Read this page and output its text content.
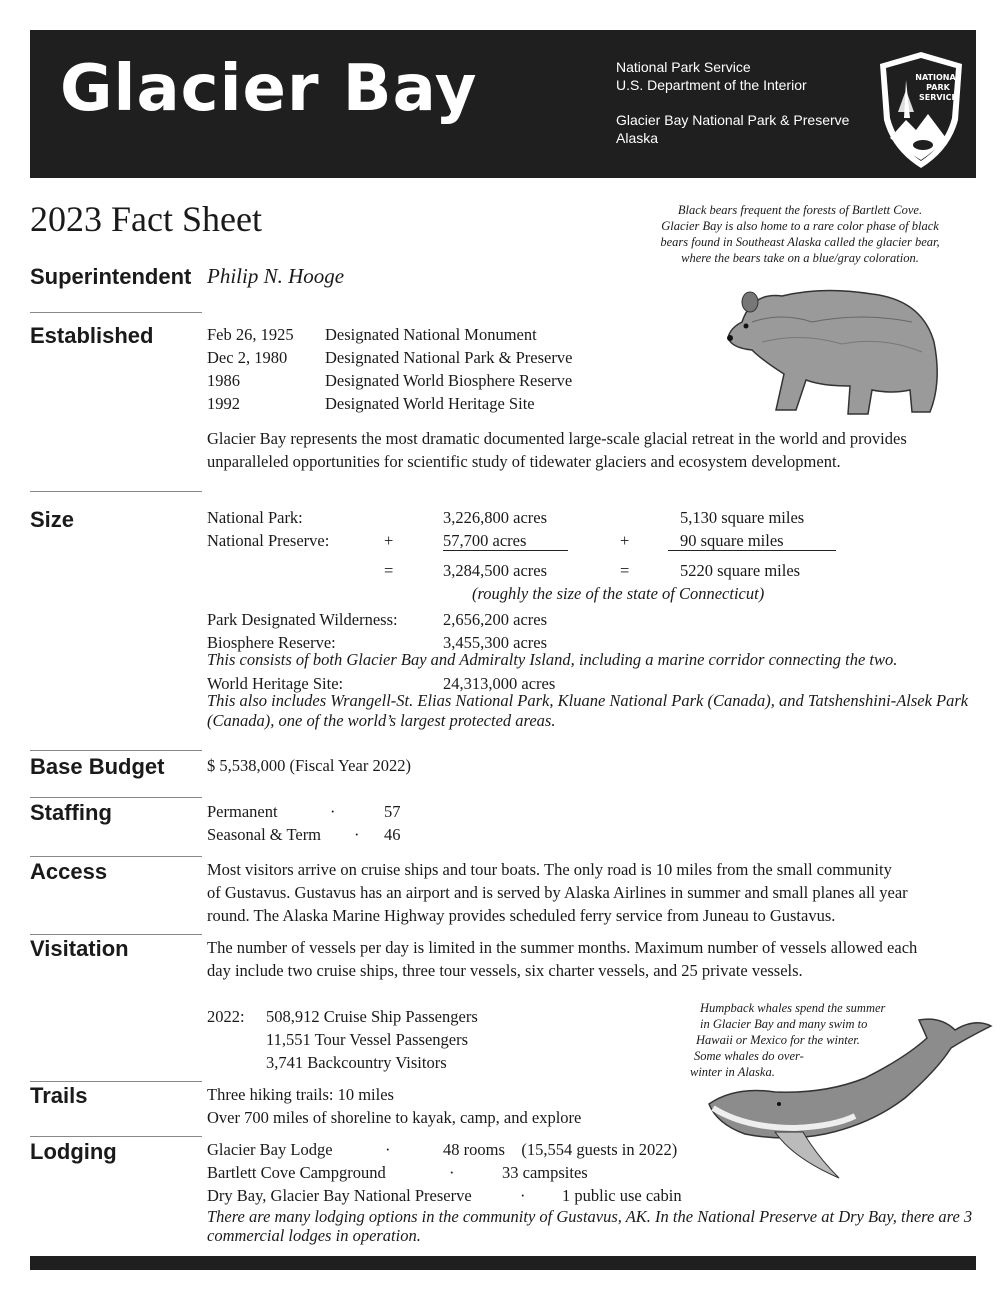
Glacier Bay	National Park Service
U.S. Department of the Interior
Glacier Bay National Park & Preserve
Alaska
NATIONAL
PARK
SERVICE
2023 Fact Sheet
Superintendent Philip N. Hooge
Black bears frequent the forests of Bartlett Cove.
Glacier Bay is also home to a rare color phase of black
bears found in Southeast Alaska called the glacier bear,
where the bears take on a blue/gray coloration.
Established	Feb 26, 1925 Designated National Monument
Dec 2, 1980 Designated National Park & Preserve
1986	Designated World Biosphere Reserve
1992	Designated World Heritage Site
Glacier Bay represents the most dramatic documented large-scale glacial retreat in the world and provides unparalleled opportunities for scientific study of tidewater glaciers and ecosystem development.
Size	National Park:	3,226,800 acres	5,130 square miles
National Preserve:	+	57,700 acres	+	90 square miles
=	3,284,500 acres	=	5220 square miles
(roughly the size of the state of Connecticut)
Park Designated Wilderness:	2,656,200 acres
Biosphere Reserve:	3,455,300 acres
This consists of both Glacier Bay and Admiralty Island, including a marine corridor connecting the two.
World Heritage Site:	24,313,000 acres
This also includes Wrangell-St. Elias National Park, Kluane National Park (Canada), and Tatshenshini-Alsek Park (Canada), one of the world’s largest protected areas.
Base Budget	$ 5,538,000 (Fiscal Year 2022)
Staffing	Permanent	·	57
Seasonal & Term · 46
Access	Most visitors arrive on cruise ships and tour boats. The only road is 10 miles from the small community
of Gustavus. Gustavus has an airport and is served by Alaska Airlines in summer and small planes all year
round. The Alaska Marine Highway provides scheduled ferry service from Juneau to Gustavus.
Visitation	The number of vessels per day is limited in the summer months. Maximum number of vessels allowed each
day include two cruise ships, three tour vessels, six charter vessels, and 25 private vessels.
2022: 508,912 Cruise Ship Passengers
11,551 Tour Vessel Passengers
3,741 Backcountry Visitors
Humpback whales spend the summer
in Glacier Bay and many swim to
Hawaii or Mexico for the winter.
Some whales do over-
winter in Alaska.
Trails	Three hiking trails: 10 miles
Over 700 miles of shoreline to kayak, camp, and explore
Lodging	Glacier Bay Lodge	·	48 rooms    (15,554 guests in 2022)
Bartlett Cove Campground	·	33 campsites
Dry Bay, Glacier Bay National Preserve	· 1 public use cabin
There are many lodging options in the community of Gustavus, AK. In the National Preserve at Dry Bay, there are 3 commercial lodges in operation.
